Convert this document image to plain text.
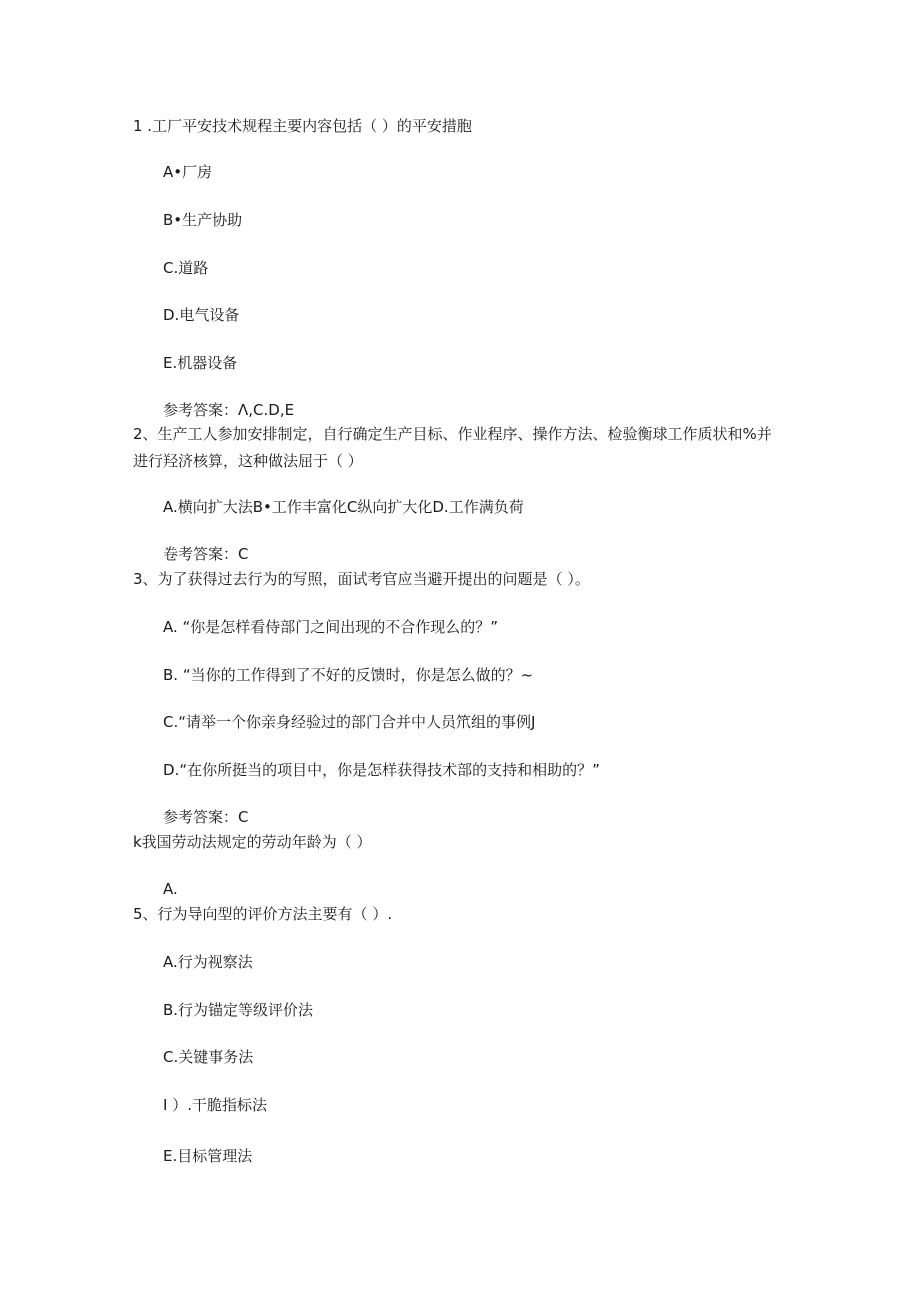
1 .工厂平安技术规程主要内容包括（ ）的平安措胞
A•厂房
B•生产协助
C.道路
D.电气设备
E.机器设备
参考答案：Λ,C.D,E
2、生产工人参加安排制定，自行确定生产目标、作业程序、操作方法、检验衡球工作质状和%并
进行羟济核算，这种做法屈于（ ）
A.横向扩大法B•工作丰富化C纵向扩大化D.工作满负荷
卷考答案：C
3、为了获得过去行为的写照，面试考官应当避开提出的问题是（ ）。
A. “你是怎样看侍部门之间出现的不合作现么的？”
B. “当你的工作得到了不好的反馈时，你是怎么做的？~
C.“请举一个你亲身经验过的部门合并中人员笊组的事例J
D.“在你所挺当的项目中，你是怎样获得技术部的支持和相助的？”
参考答案：C
k我国劳动法规定的劳动年龄为（ ）
A.
5、行为导向型的评价方法主要有（ ）.
A.行为视察法
B.行为锚定等级评价法
C.关键事务法
I ）.干脆指标法
E.目标管理法
